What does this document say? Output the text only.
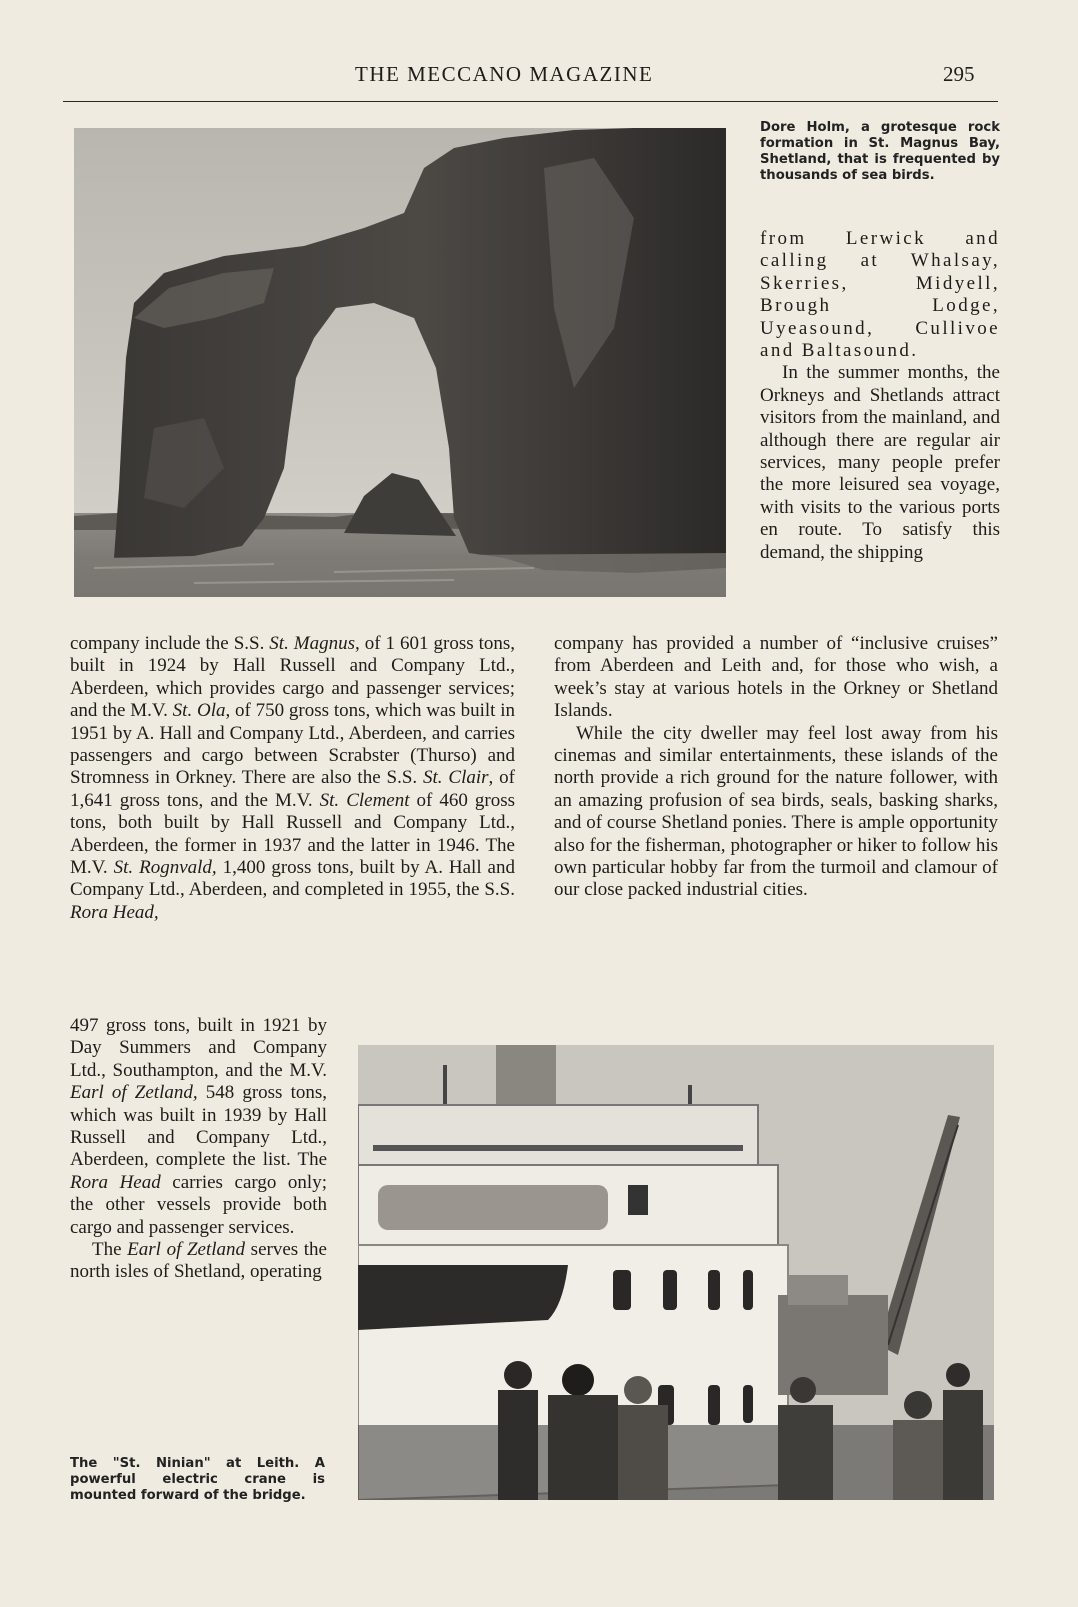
THE MECCANO MAGAZINE	295
Dore Holm, a grotesque rock formation in St. Magnus Bay, Shetland, that is frequented by thousands of sea birds.

from Lerwick and calling at Whalsay, Skerries, Midyell, Brough Lodge, Uyeasound, Cullivoe and Baltasound.

In the summer months, the Orkneys and Shetlands attract visitors from the mainland, and although there are regular air services, many people prefer the more leisured sea voyage, with visits to the various ports en route. To satisfy this demand, the shipping

company include the S.S. St. Magnus, of 1 601 gross tons, built in 1924 by Hall Russell and Company Ltd., Aberdeen, which provides cargo and passenger services; and the M.V. St. Ola, of 750 gross tons, which was built in 1951 by A. Hall and Company Ltd., Aberdeen, and carries passengers and cargo between Scrabster (Thurso) and Stromness in Orkney. There are also the S.S. St. Clair, of 1,641 gross tons, and the M.V. St. Clement of 460 gross tons, both built by Hall Russell and Company Ltd., Aberdeen, the former in 1937 and the latter in 1946. The M.V. St. Rognvald, 1,400 gross tons, built by A. Hall and Company Ltd., Aberdeen, and completed in 1955, the S.S. Rora Head,

497 gross tons, built in 1921 by Day Summers and Company Ltd., Southampton, and the M.V. Earl of Zetland, 548 gross tons, which was built in 1939 by Hall Russell and Company Ltd., Aberdeen, complete the list. The Rora Head carries cargo only; the other vessels provide both cargo and passenger services.

The Earl of Zetland serves the north isles of Shetland, operating

company has provided a number of “inclusive cruises” from Aberdeen and Leith and, for those who wish, a week’s stay at various hotels in the Orkney or Shetland Islands.

While the city dweller may feel lost away from his cinemas and similar entertainments, these islands of the north provide a rich ground for the nature follower, with an amazing profusion of sea birds, seals, basking sharks, and of course Shetland ponies. There is ample opportunity also for the fisherman, photographer or hiker to follow his own particular hobby far from the turmoil and clamour of our close packed industrial cities.

The "St. Ninian" at Leith. A powerful electric crane is mounted forward of the bridge.
